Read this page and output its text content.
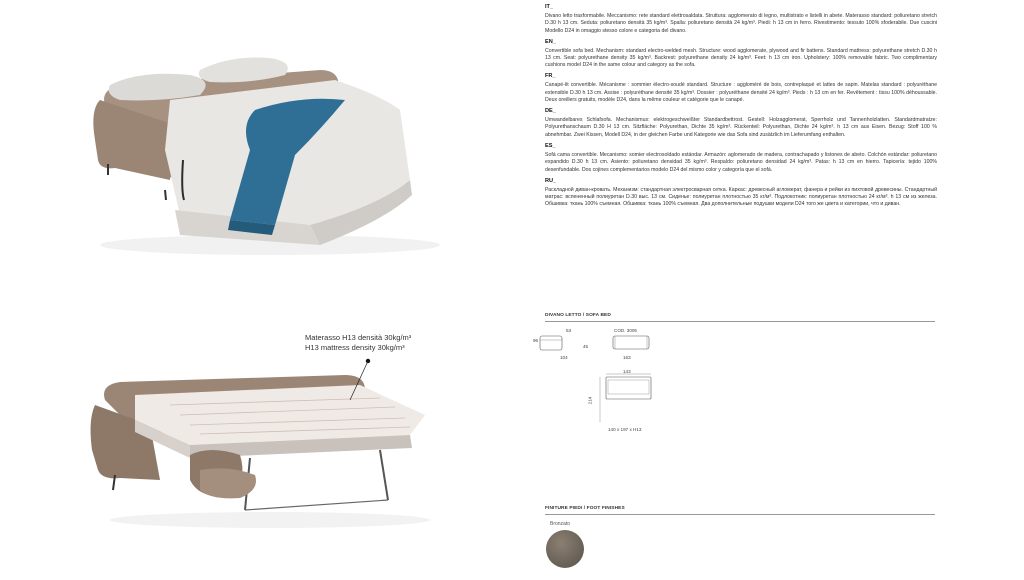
Materasso H13 densità 30kg/m³
H13 mattress density 30kg/m³
IT_
Divano letto trasformabile. Meccanismo: rete standard elettrosaldata. Struttura: agglomerato di legno, multistrato e listelli in abete. Materasso standard: poliuretano stretch D.30 h 13 cm. Seduta: poliuretano densità 35 kg/m³. Spalla: poliuretano densità 24 kg/m³. Piedi: h 13 cm in ferro. Rivestimento: tessuto 100% sfoderabile. Due cuscini Modello D24 in omaggio stesso colore e categoria del divano.
EN_
Convertible sofa bed. Mechanism: standard electro-welded mesh. Structure: wood agglomerate, plywood and fir battens. Standard mattress: polyurethane stretch D.30 h 13 cm. Seat: polyurethane density 35 kg/m³. Backrest: polyurethane density 24 kg/m³. Feet: h 13 cm iron. Upholstery: 100% removable fabric. Two complimentary cushions model D24 in the same colour and category as the sofa.
FR_
Canapé-lit convertible. Mécanisme : sommier électro-soudé standard. Structure : aggloméré de bois, contreplaqué et lattes de sapin. Matelas standard : polyuréthane extensible D.30 h 13 cm. Assise : polyuréthane densité 35 kg/m³. Dossier : polyuréthane densité 24 kg/m³. Pieds : h 13 cm en fer. Revêtement : tissu 100% déhoussable. Deux oreillers gratuits, modèle D24, dans la même couleur et catégorie que le canapé.
DE_
Umwandelbares Schlafsofa. Mechanismus: elektrogeschweißter Standardbettrost. Gestell: Holzagglomerat, Sperrholz und Tannenholzlatten. Standardmatratze: Polyurethanschaum D.30 H 13 cm. Sitzfläche: Polyurethan, Dichte 35 kg/m³. Rückenteil: Polyurethan, Dichte 24 kg/m³. h 13 cm aus Eisen. Bezug: Stoff 100 % abnehmbar. Zwei Kissen, Modell D24, in der gleichen Farbe und Kategorie wie das Sofa sind zusätzlich im Lieferumfang enthalten.
ES_
Sofá cama convertible. Mecanismo: somier electrosoldado estándar. Armazón: aglomerado de madera, contrachapado y listones de abeto. Colchón estándar: poliuretano expandido D.30 h 13 cm. Asiento: poliuretano densidad 35 kg/m³. Respaldo: poliuretano densidad 24 kg/m³. Patas: h 13 cm en hierro. Tapicería: tejido 100% desenfundable. Dos cojines complementarios modelo D24 del mismo color y categoría que el sofá.
RU_
Раскладной диван-кровать. Механизм: стандартная электросварная сетка. Каркас: древесный агломерат, фанера и рейки из пихтовой древесины. Стандартный матрас: вспененный полиуретан D.30 выс. 13 см. Сиденье: полиуретан плотностью 35 кг/м³. Подлокотник: полиуретан плотностью 24 кг/м³. h 13 см из железа. Обшивка: ткань 100% съемная. Обшивка: ткань 100% съемная. Два дополнительные подушки модели D24 того же цвета и категории, что и диван.
DIVANO LETTO / SOFA BED
53
96
45
104
COD. 3005
163
143
214
140 x 197 x H13
FINITURE PIEDI / FOOT FINISHES
Bronzato
